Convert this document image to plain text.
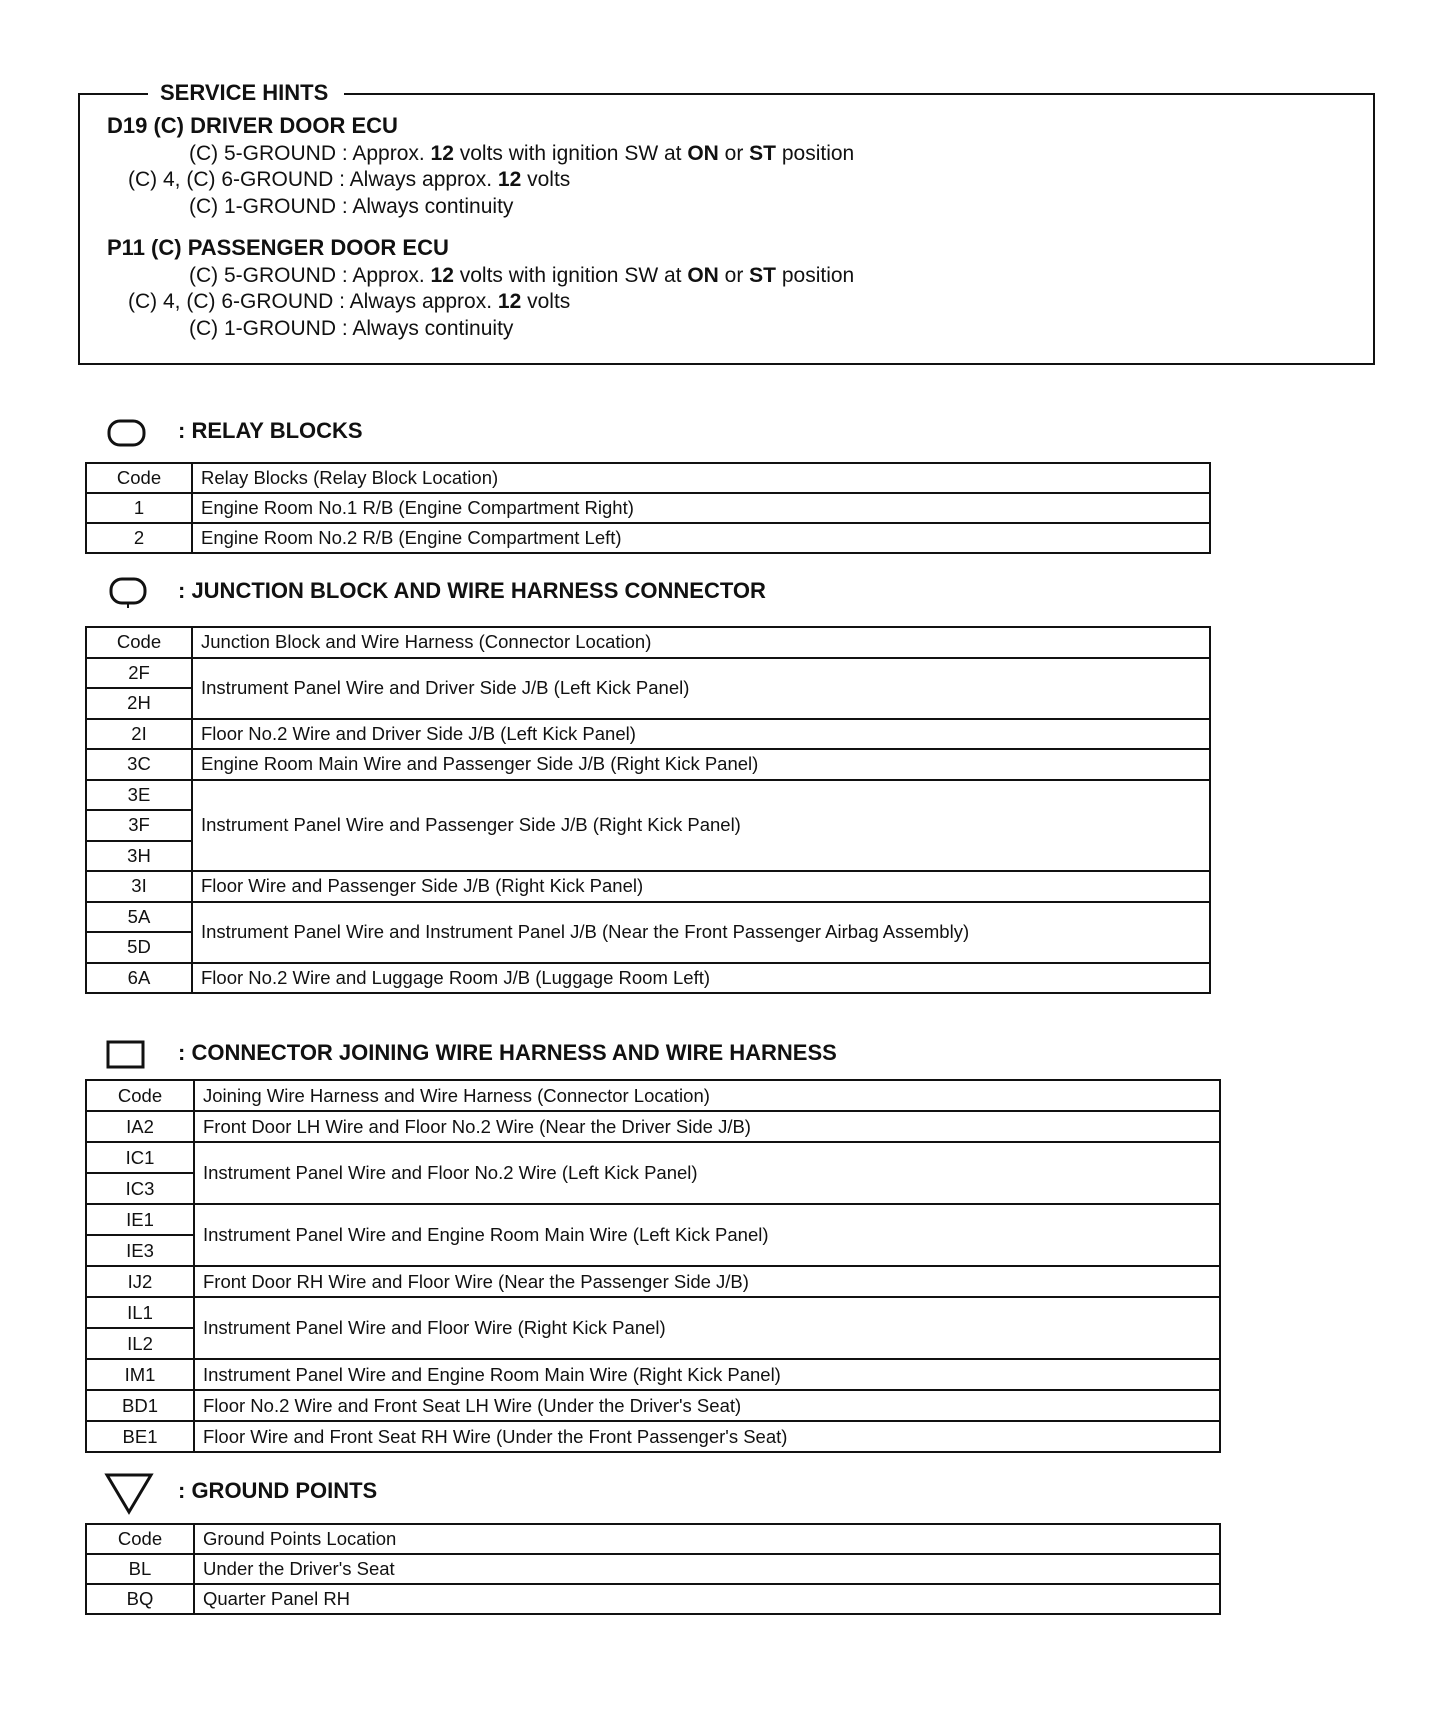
SERVICE HINTS
D19 (C) DRIVER DOOR ECU
(C) 5-GROUND : Approx. 12 volts with ignition SW at ON or ST position
(C) 4, (C) 6-GROUND : Always approx. 12 volts
(C) 1-GROUND : Always continuity
P11 (C) PASSENGER DOOR ECU
(C) 5-GROUND : Approx. 12 volts with ignition SW at ON or ST position
(C) 4, (C) 6-GROUND : Always approx. 12 volts
(C) 1-GROUND : Always continuity
: RELAY BLOCKS
Code	Relay Blocks (Relay Block Location)
1	Engine Room No.1 R/B (Engine Compartment Right)
2	Engine Room No.2 R/B (Engine Compartment Left)
: JUNCTION BLOCK AND WIRE HARNESS CONNECTOR
Code	Junction Block and Wire Harness (Connector Location)
2F	Instrument Panel Wire and Driver Side J/B (Left Kick Panel)
2H	
2I	Floor No.2 Wire and Driver Side J/B (Left Kick Panel)
3C	Engine Room Main Wire and Passenger Side J/B (Right Kick Panel)
3E	Instrument Panel Wire and Passenger Side J/B (Right Kick Panel)
3F	
3H	
3I	Floor Wire and Passenger Side J/B (Right Kick Panel)
5A	Instrument Panel Wire and Instrument Panel J/B (Near the Front Passenger Airbag Assembly)
5D	
6A	Floor No.2 Wire and Luggage Room J/B (Luggage Room Left)
: CONNECTOR JOINING WIRE HARNESS AND WIRE HARNESS
Code	Joining Wire Harness and Wire Harness (Connector Location)
IA2	Front Door LH Wire and Floor No.2 Wire (Near the Driver Side J/B)
IC1	Instrument Panel Wire and Floor No.2 Wire (Left Kick Panel)
IC3	
IE1	Instrument Panel Wire and Engine Room Main Wire (Left Kick Panel)
IE3	
IJ2	Front Door RH Wire and Floor Wire (Near the Passenger Side J/B)
IL1	Instrument Panel Wire and Floor Wire (Right Kick Panel)
IL2	
IM1	Instrument Panel Wire and Engine Room Main Wire (Right Kick Panel)
BD1	Floor No.2 Wire and Front Seat LH Wire (Under the Driver's Seat)
BE1	Floor Wire and Front Seat RH Wire (Under the Front Passenger's Seat)
: GROUND POINTS
Code	Ground Points Location
BL	Under the Driver's Seat
BQ	Quarter Panel RH
